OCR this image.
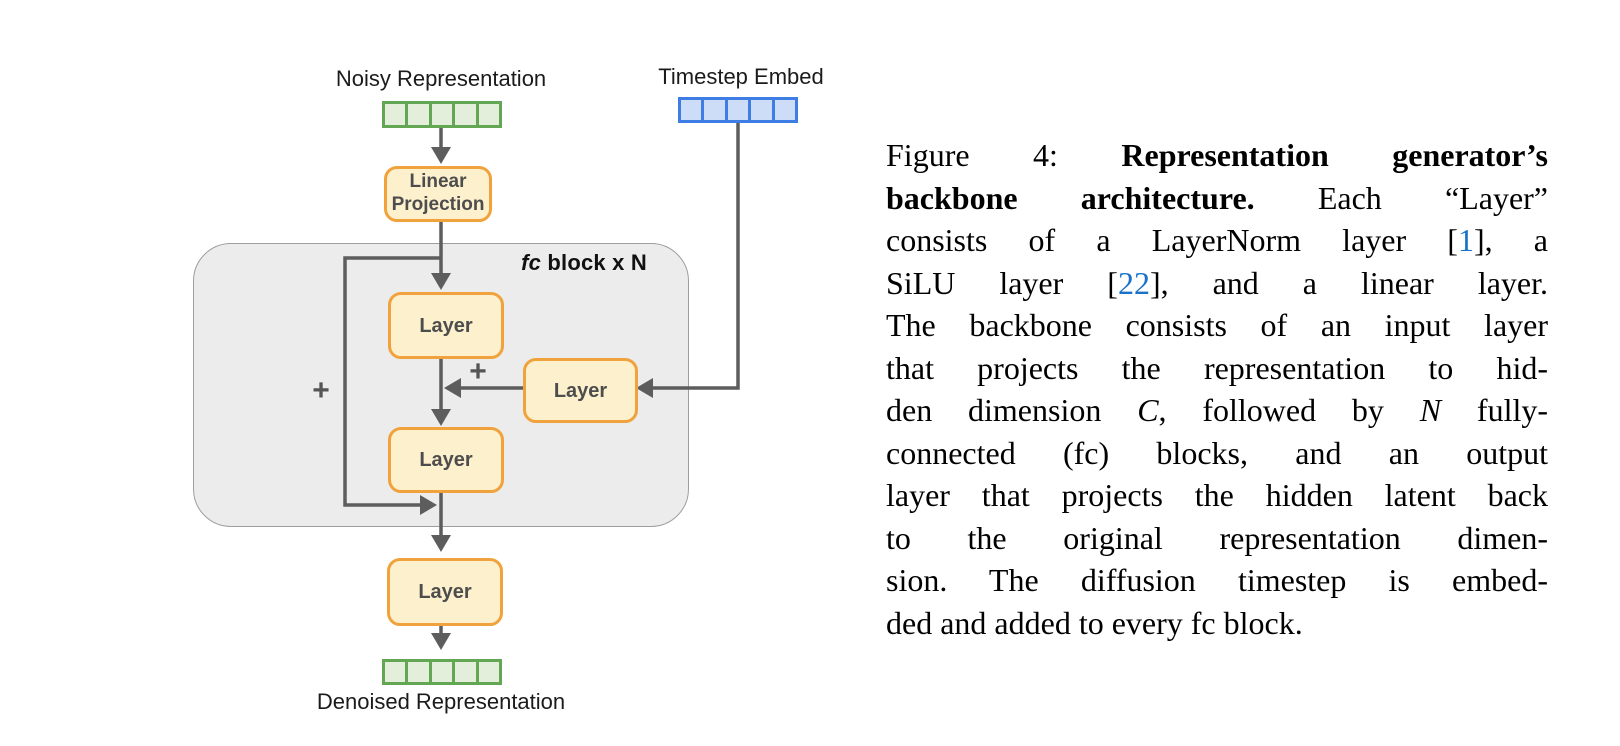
fc block x N
Noisy Representation	Timestep Embed
Denoised Representation
Linear Projection
Layer
Layer
Layer
Layer
+
+
Figure 4: Representation generator’s
backbone architecture. Each “Layer”
consists of a LayerNorm layer [1], a
SiLU layer [22], and a linear layer.
The backbone consists of an input layer
that projects the representation to hid-
den dimension C, followed by N fully-
connected (fc) blocks, and an output
layer that projects the hidden latent back
to the original representation dimen-
sion. The diffusion timestep is embed-
ded and added to every fc block.
